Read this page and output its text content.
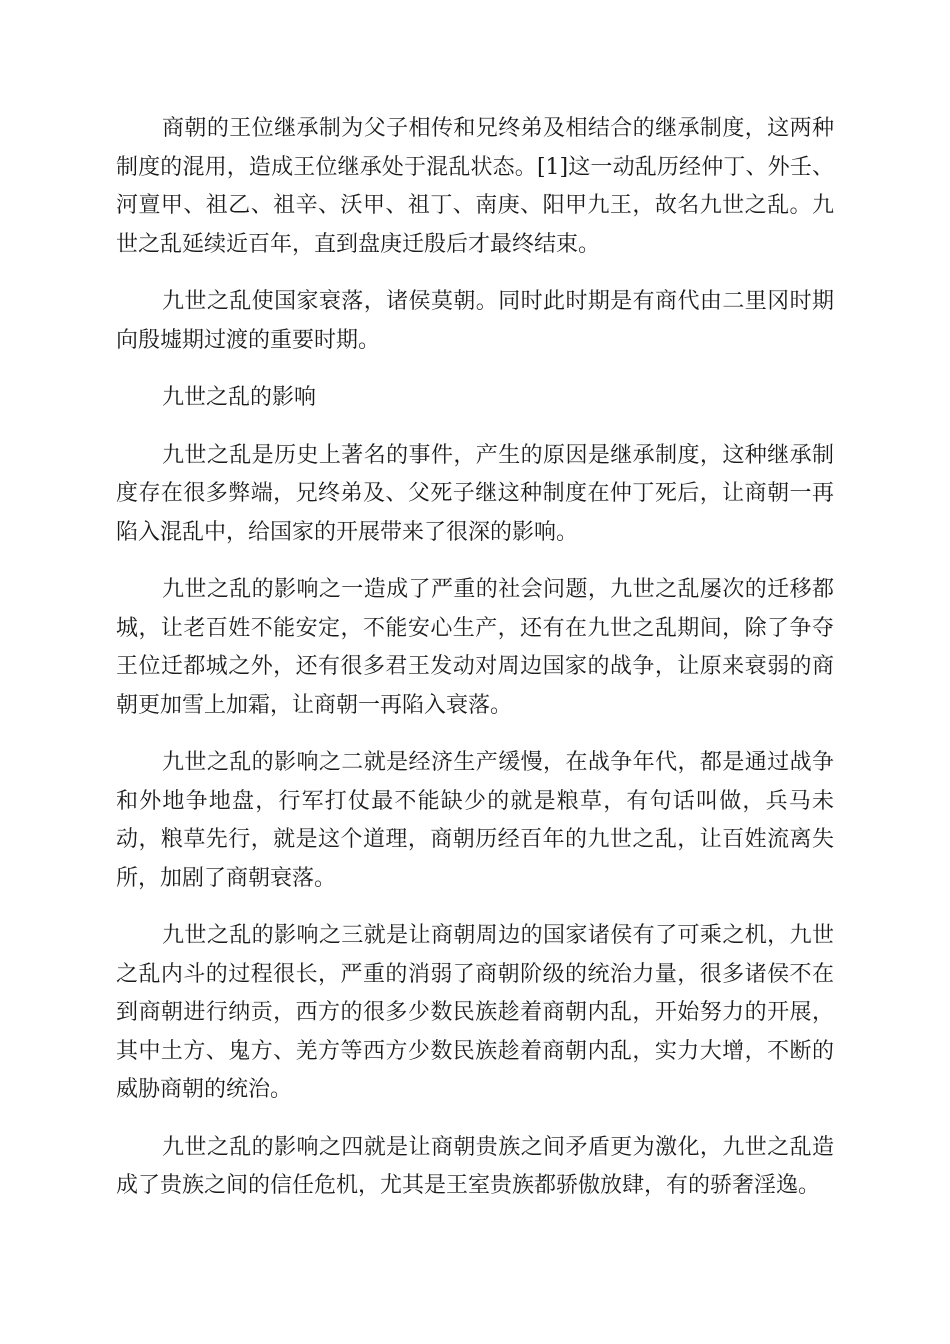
商朝的王位继承制为父子相传和兄终弟及相结合的继承制度，这两种制度的混用，造成王位继承处于混乱状态。[1]这一动乱历经仲丁、外壬、河亶甲、祖乙、祖辛、沃甲、祖丁、南庚、阳甲九王，故名九世之乱。九世之乱延续近百年，直到盘庚迁殷后才最终结束。

九世之乱使国家衰落，诸侯莫朝。同时此时期是有商代由二里冈时期向殷墟期过渡的重要时期。

九世之乱的影响

九世之乱是历史上著名的事件，产生的原因是继承制度，这种继承制度存在很多弊端，兄终弟及、父死子继这种制度在仲丁死后，让商朝一再陷入混乱中，给国家的开展带来了很深的影响。

九世之乱的影响之一造成了严重的社会问题，九世之乱屡次的迁移都城，让老百姓不能安定，不能安心生产，还有在九世之乱期间，除了争夺王位迁都城之外，还有很多君王发动对周边国家的战争，让原来衰弱的商朝更加雪上加霜，让商朝一再陷入衰落。

九世之乱的影响之二就是经济生产缓慢，在战争年代，都是通过战争和外地争地盘，行军打仗最不能缺少的就是粮草，有句话叫做，兵马未动，粮草先行，就是这个道理，商朝历经百年的九世之乱，让百姓流离失所，加剧了商朝衰落。

九世之乱的影响之三就是让商朝周边的国家诸侯有了可乘之机，九世之乱内斗的过程很长，严重的消弱了商朝阶级的统治力量，很多诸侯不在到商朝进行纳贡，西方的很多少数民族趁着商朝内乱，开始努力的开展，其中土方、鬼方、羌方等西方少数民族趁着商朝内乱，实力大增，不断的威胁商朝的统治。

九世之乱的影响之四就是让商朝贵族之间矛盾更为激化，九世之乱造成了贵族之间的信任危机，尤其是王室贵族都骄傲放肆，有的骄奢淫逸。
